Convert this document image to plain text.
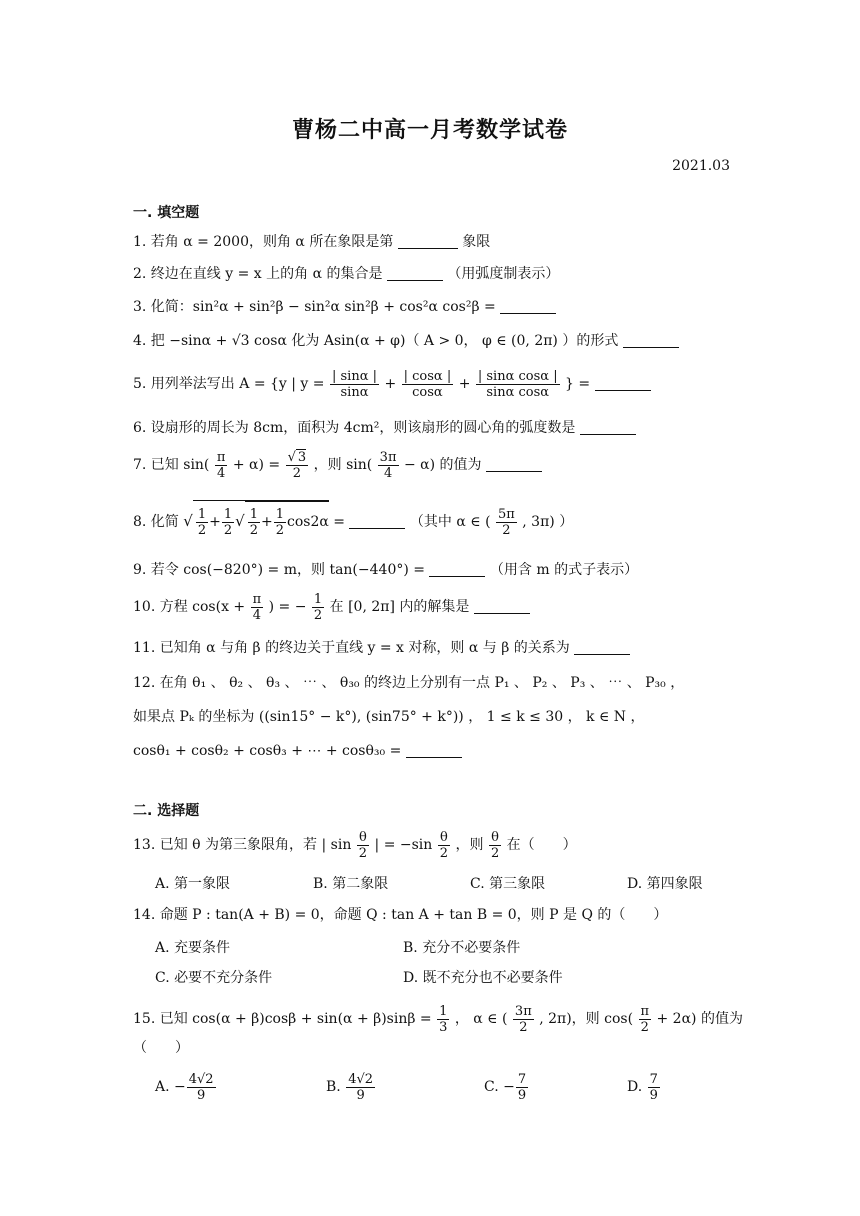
曹杨二中高一月考数学试卷
2021.03
一. 填空题
1. 若角 α = 2000，则角 α 所在象限是第	象限
2. 终边在直线 y = x 上的角 α 的集合是	（用弧度制表示）
3. 化简：sin²α + sin²β − sin²α sin²β + cos²α cos²β =
4. 把 −sinα + √3 cosα 化为 Asin(α + φ)（ A > 0， φ ∈ (0, 2π) ）的形式
5. 用列举法写出 A = {y | $y = \frac{| \sin\alpha |}{\sin\alpha} + \frac{| \cos\alpha |}{\cos\alpha} + \frac{\text{| sinα cosα |}}{\text{sinα cosα}}$ } =
6. 设扇形的周长为 8cm，面积为 4cm²，则该扇形的圆心角的弧度数是
7. 已知 $\sin( \frac{\pi}{4} + \alpha) = \frac{√ 3}{2}$ ，则 $\sin( \frac{3\pi}{4} - \alpha)$ 的值为
8. 化简 √ $\frac{1}{2} + \frac{1}{2}$ √ $\frac{1}{2} + \frac{1}{2} \cos 2\alpha$ =	（其中 α ∈ ( $\frac{5\pi}{2}$ , 3π) ）
9. 若令 cos(−820°) = m，则 tan(−440°) =	（用含 m 的式子表示）
10. 方程 $\cos(x + \frac{\pi}{4}$ ) = − $\frac{1}{2}$ 在 [0, 2π] 内的解集是
11. 已知角 α 与角 β 的终边关于直线 y = x 对称，则 α 与 β 的关系为
12. 在角 θ₁ 、 θ₂ 、 θ₃ 、 ⋯ 、 θ₃₀ 的终边上分别有一点 P₁ 、 P₂ 、 P₃ 、 ⋯ 、 P₃₀ ，
如果点 Pₖ 的坐标为 ((sin15° − k°), (sin75° + k°)) ， 1 ≤ k ≤ 30 ， k ∈ N ，
cosθ₁ + cosθ₂ + cosθ₃ + ⋯ + cosθ₃₀ =
二. 选择题
13. 已知 θ 为第三象限角，若 | $\sin \frac{\theta}{2}$ | = $-\sin \frac{\theta}{2}$ ，则 $\frac{\theta}{2}$ 在（　　）
A. 第一象限	B. 第二象限	C. 第三象限	D. 第四象限
14. 命题 P : tan(A + B) = 0，命题 Q : tan A + tan B = 0，则 P 是 Q 的（　　）
A. 充要条件	B. 充分不必要条件
C. 必要不充分条件	D. 既不充分也不必要条件
15. 已知 $\cos(\alpha + \beta)\cos\beta + \sin(\alpha + \beta)\sin\beta = \frac{1}{3}$ ， α ∈ ( $\frac{3\pi}{2}$ , 2π)，则 $\cos( \frac{\pi}{2} + 2\alpha)$ 的值为
（　　）
A. − $\frac{4√2}{9}$	B. $\frac{4√2}{9}$	C. − $\frac{7}{9}$	D. $\frac{7}{9}$
